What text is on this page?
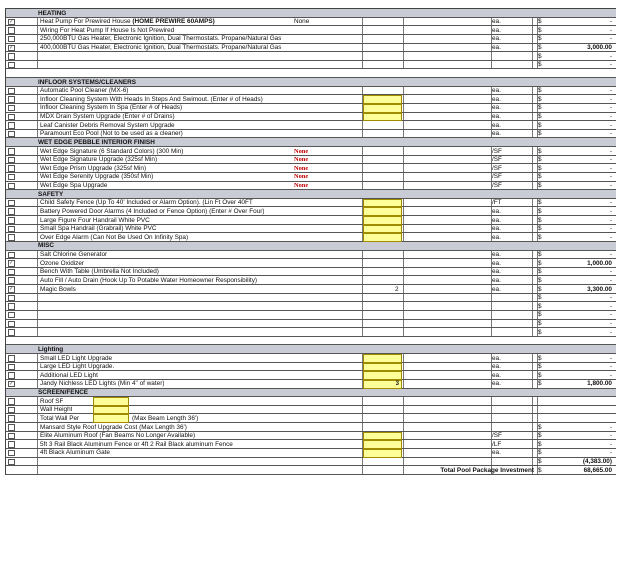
HEATING
✓	Heat Pump For Prewired House (HOME PREWIRE 60AMPS)	None	ea.	$	-
Wiring For Heat Pump If House Is Not Prewired	ea.	$	-
250,000BTU Gas Heater, Electronic Ignition, Dual Thermostats. Propane/Natural Gas	ea.	$	-
✓	400,000BTU Gas Heater, Electronic Ignition, Dual Thermostats. Propane/Natural Gas	ea.	$	3,000.00
$	-
$	-
INFLOOR SYSTEMS/CLEANERS
Automatic Pool Cleaner (MX-6)	ea.	$	-
Infloor Cleaning System With Heads In Steps And Swimout. (Enter # of Heads)	ea.	$	-
Infloor Cleaning System In Spa (Enter # of Heads)	ea.	$	-
MDX Drain System Upgrade (Enter # of Drains)	ea.	$	-
Leaf Canister Debris Removal System Upgrade	ea.	$	-
Paramount Eco Pool (Not to be used as a cleaner)	ea.	$	-
WET EDGE PEBBLE INTERIOR FINISH
Wet Edge Signature (6 Standard Colors) (300 Min)	None	/SF	$	-
Wet Edge Signature Upgrade (325sf Min)	None	/SF	$	-
Wet Edge Prism Upgrade (325sf Min)	None	/SF	$	-
Wet Edge Serenity Upgrade (350sf Min)	None	/SF	$	-
Wet Edge Spa Upgrade	None	/SF	$	-
SAFETY
Child Safety Fence (Up To 40' Included or Alarm Option). (Lin Ft Over 40FT	/FT	$	-
Battery Powered Door Alarms (4 Included or Fence Option) (Enter # Over Four)	ea.	$	-
Large Figure Four Handrail White PVC	ea.	$	-
Small Spa Handrail (Grabrail) White PVC	ea.	$	-
Over Edge Alarm (Can Not Be Used On Infinity Spa)	ea.	$	-
MISC
Salt Chlorine Generator	ea.	$	-
✓	Ozone Oxidizer	ea.	$	1,000.00
Bench With Table (Umbrella Not Included)	ea.	$	-
Auto Fill / Auto Drain (Hook Up To Potable Water Homeowner Responsibility)	ea.	$	-
✓	Magic Bowls	2	ea.	$	3,300.00
$	-
$	-
$	-
$	-
$	-
Lighting
Small LED Light Upgrade	ea.	$	-
Large LED Light Upgrade.	ea.	$	-
Additional LED Light	ea.	$	-
✓	Jandy Nichless LED Lights (Min 4" of water)	3	ea.	$	1,800.00
SCREEN/FENCE
Roof SF
Wall Height
Total Wall Per	(Max Beam Length 36')
Mansard Style Roof Upgrade Cost (Max Length 36')	$	-
Elite Aluminum Roof (Fan Beams No Longer Available)	/SF	$	-
5ft 3 Rail Black Aluminum Fence or 4ft 2 Rail Black aluminum Fence	/LF	$	-
4ft Black Aluminum Gate	ea.	$	-
$	(4,383.00)
Total Pool Package Investment $	68,665.00
